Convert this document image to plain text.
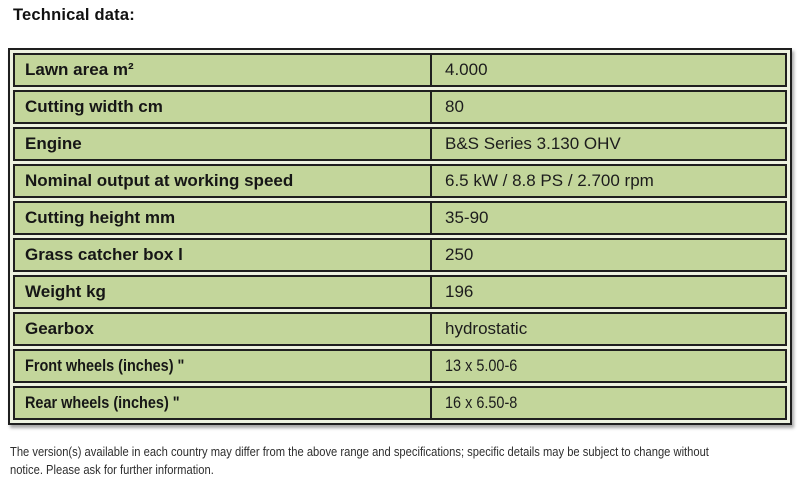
Technical data:
Lawn area m²	4.000
Cutting width cm	80
Engine	B&S Series 3.130 OHV
Nominal output at working speed	6.5 kW / 8.8 PS / 2.700 rpm
Cutting height mm	35-90
Grass catcher box l	250
Weight kg	196
Gearbox	hydrostatic
Front wheels (inches) "	13 x 5.00-6
Rear wheels (inches) "	16 x 6.50-8
The version(s) available in each country may differ from the above range and specifications; specific details may be subject to change without
notice. Please ask for further information.
